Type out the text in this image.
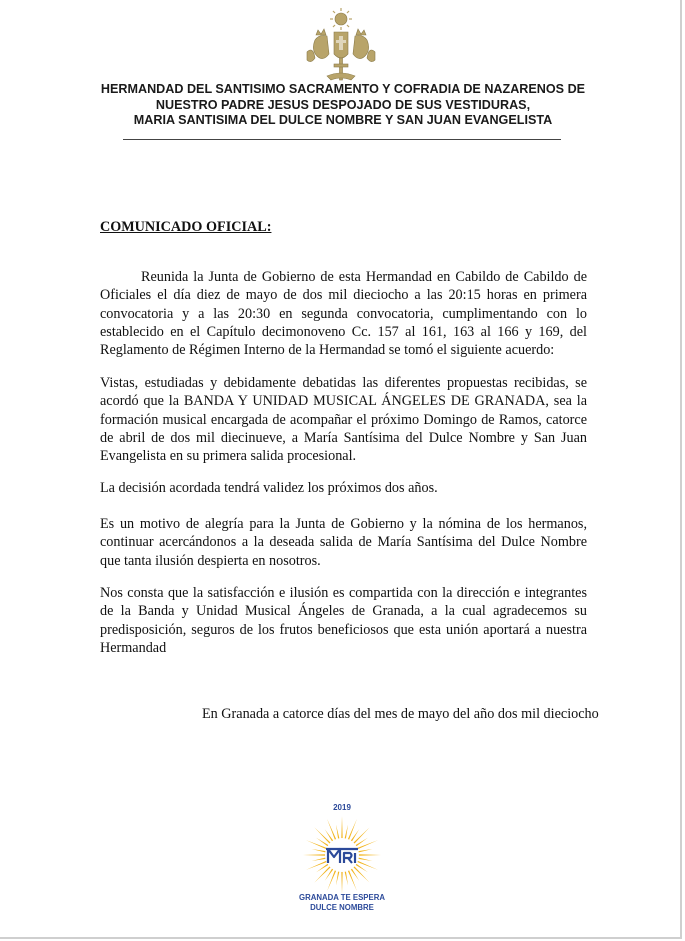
HERMANDAD DEL SANTISIMO SACRAMENTO Y COFRADIA DE NAZARENOS DE
NUESTRO PADRE JESUS DESPOJADO DE SUS VESTIDURAS,
MARIA SANTISIMA DEL DULCE NOMBRE Y SAN JUAN EVANGELISTA
COMUNICADO OFICIAL:

Reunida la Junta de Gobierno de esta Hermandad en Cabildo de Cabildo de Oficiales el día diez de mayo de dos mil dieciocho a las 20:15 horas en primera convocatoria y a las 20:30 en segunda convocatoria, cumplimentando con lo establecido en el Capítulo decimonoveno Cc. 157 al 161, 163 al 166 y 169, del Reglamento de Régimen Interno de la Hermandad se tomó el siguiente acuerdo:

Vistas, estudiadas y debidamente debatidas las diferentes propuestas recibidas, se acordó que la BANDA Y UNIDAD MUSICAL ÁNGELES DE GRANADA, sea la formación musical encargada de acompañar el próximo Domingo de Ramos, catorce de abril de dos mil diecinueve, a María Santísima del Dulce Nombre y San Juan Evangelista en su primera salida procesional.

La decisión acordada tendrá validez los próximos dos años.

Es un motivo de alegría para la Junta de Gobierno y la nómina de los hermanos, continuar acercándonos a la deseada salida de María Santísima del Dulce Nombre que tanta ilusión despierta en nosotros.

Nos consta que la satisfacción e ilusión es compartida con la dirección e integrantes de la Banda y Unidad Musical Ángeles de Granada, a la cual agradecemos su predisposición, seguros de los frutos beneficiosos que esta unión aportará a nuestra Hermandad

En Granada a catorce días del mes de mayo del año dos mil dieciocho
2019
GRANADA TE ESPERA
DULCE NOMBRE
